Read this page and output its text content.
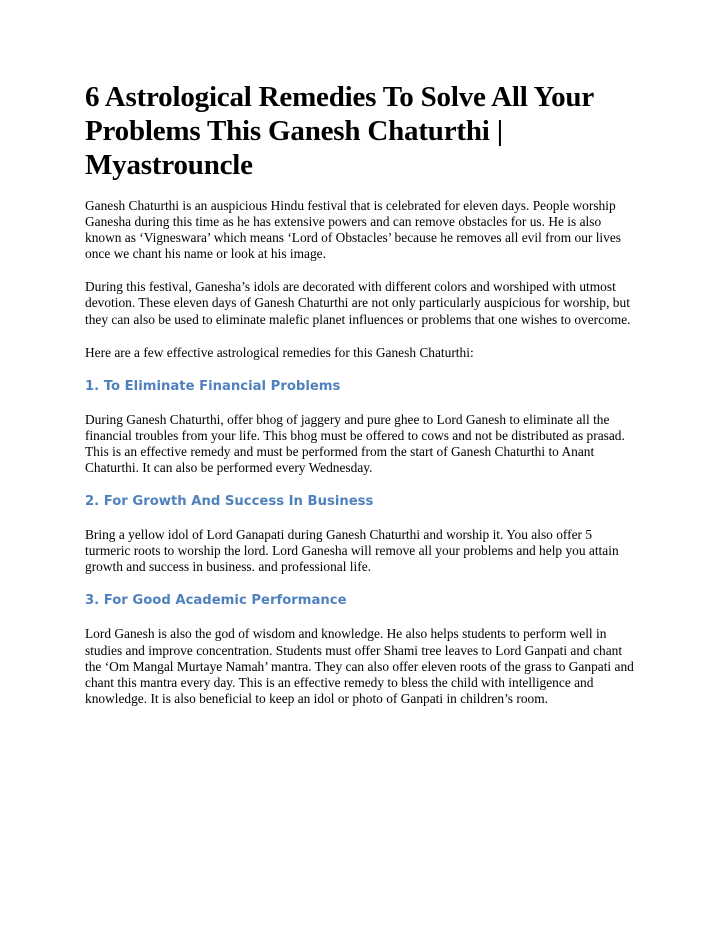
6 Astrological Remedies To Solve All Your Problems This Ganesh Chaturthi | Myastrouncle

Ganesh Chaturthi is an auspicious Hindu festival that is celebrated for eleven days. People worship Ganesha during this time as he has extensive powers and can remove obstacles for us. He is also known as ‘Vigneswara’ which means ‘Lord of Obstacles’ because he removes all evil from our lives once we chant his name or look at his image.

During this festival, Ganesha’s idols are decorated with different colors and worshiped with utmost devotion. These eleven days of Ganesh Chaturthi are not only particularly auspicious for worship, but they can also be used to eliminate malefic planet influences or problems that one wishes to overcome.

Here are a few effective astrological remedies for this Ganesh Chaturthi:

1. To Eliminate Financial Problems

During Ganesh Chaturthi, offer bhog of jaggery and pure ghee to Lord Ganesh to eliminate all the financial troubles from your life. This bhog must be offered to cows and not be distributed as prasad. This is an effective remedy and must be performed from the start of Ganesh Chaturthi to Anant Chaturthi. It can also be performed every Wednesday.

2. For Growth And Success In Business

Bring a yellow idol of Lord Ganapati during Ganesh Chaturthi and worship it. You also offer 5 turmeric roots to worship the lord. Lord Ganesha will remove all your problems and help you attain growth and success in business. and professional life.

3. For Good Academic Performance

Lord Ganesh is also the god of wisdom and knowledge. He also helps students to perform well in studies and improve concentration. Students must offer Shami tree leaves to Lord Ganpati and chant the ‘Om Mangal Murtaye Namah’ mantra. They can also offer eleven roots of the grass to Ganpati and chant this mantra every day. This is an effective remedy to bless the child with intelligence and knowledge. It is also beneficial to keep an idol or photo of Ganpati in children’s room.
